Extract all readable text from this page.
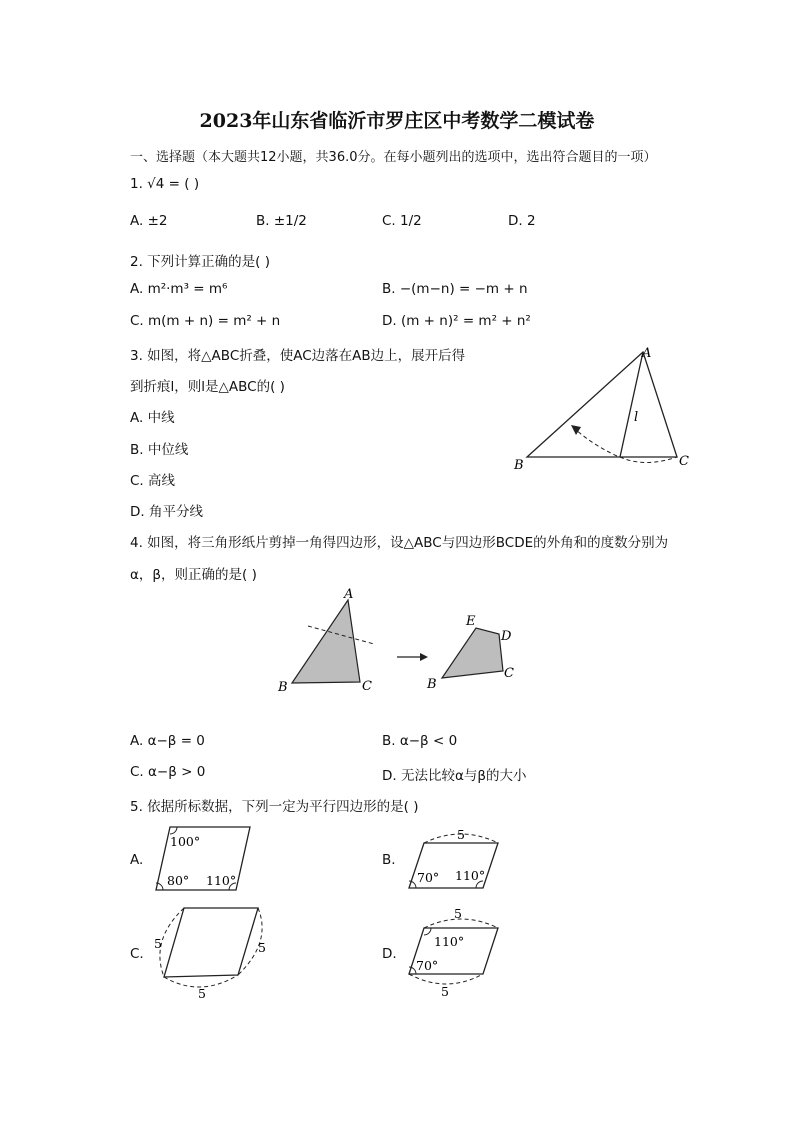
2023年山东省临沂市罗庄区中考数学二模试卷
一、选择题（本大题共12小题，共36.0分。在每小题列出的选项中，选出符合题目的一项）
1. √4 = ( )
A. ±2	B. ±1/2	C. 1/2	D. 2
2. 下列计算正确的是( )
A. m²·m³ = m⁶	B. −(m−n) = −m + n
C. m(m + n) = m² + n	D. (m + n)² = m² + n²
3. 如图，将△ABC折叠，使AC边落在AB边上，展开后得
到折痕l，则l是△ABC的( )
A. 中线
B. 中位线
C. 高线
D. 角平分线
A
B	C
l
4. 如图，将三角形纸片剪掉一角得四边形，设△ABC与四边形BCDE的外角和的度数分别为
α，β，则正确的是( )
A
B	C
E
D
C
B
A. α−β = 0	B. α−β < 0
C. α−β > 0	D. 无法比较α与β的大小
5. 依据所标数据，下列一定为平行四边形的是( )
A.
100°
80° 110°
B.
5
70° 110°
C.
5	5
5
D.
5
110°
70°
5
